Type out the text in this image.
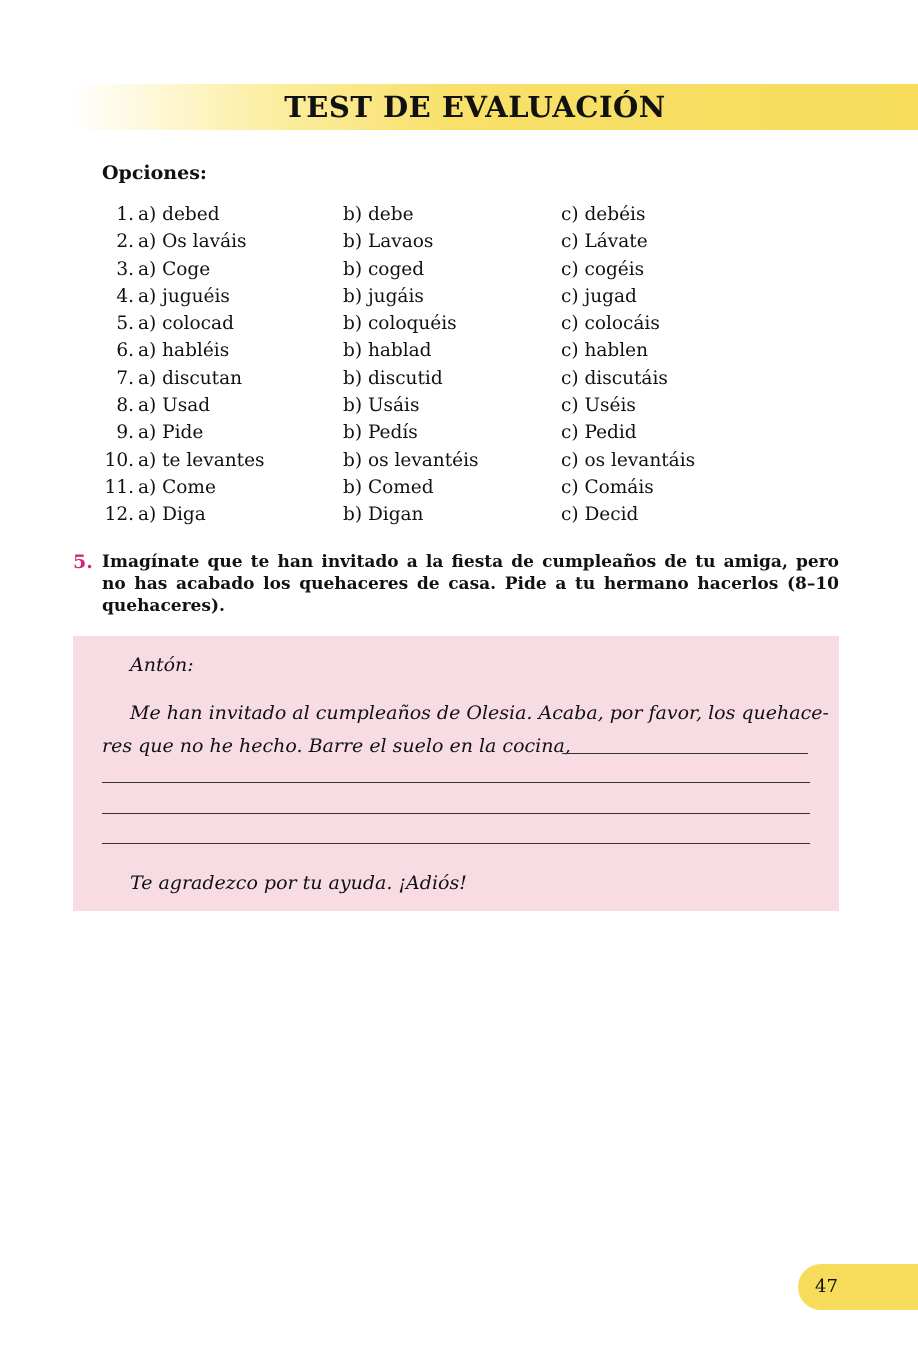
TEST DE EVALUACIÓN
Opciones:
1. a) debed	b) debe	c) debéis
2. a) Os laváis	b) Lavaos	c) Lávate
3. a) Coge	b) coged	c) cogéis
4. a) juguéis	b) jugáis	c) jugad
5. a) colocad	b) coloquéis	c) colocáis
6. a) habléis	b) hablad	c) hablen
7. a) discutan	b) discutid	c) discutáis
8. a) Usad	b) Usáis	c) Uséis
9. a) Pide	b) Pedís	c) Pedid
10. a) te levantes	b) os levantéis	c) os levantáis
11. a) Come	b) Comed	c) Comáis
12. a) Diga	b) Digan	c) Decid
5. Imagínate que te han invitado a la fiesta de cumpleaños de tu amiga, pero no has acabado los quehaceres de casa. Pide a tu hermano hacerlos (8–10 quehaceres).

Antón:
Me han invitado al cumpleaños de Olesia. Acaba, por favor, los quehace-
res que no he hecho. Barre el suelo en la cocina,
Te agradezco por tu ayuda. ¡Adiós!
47
